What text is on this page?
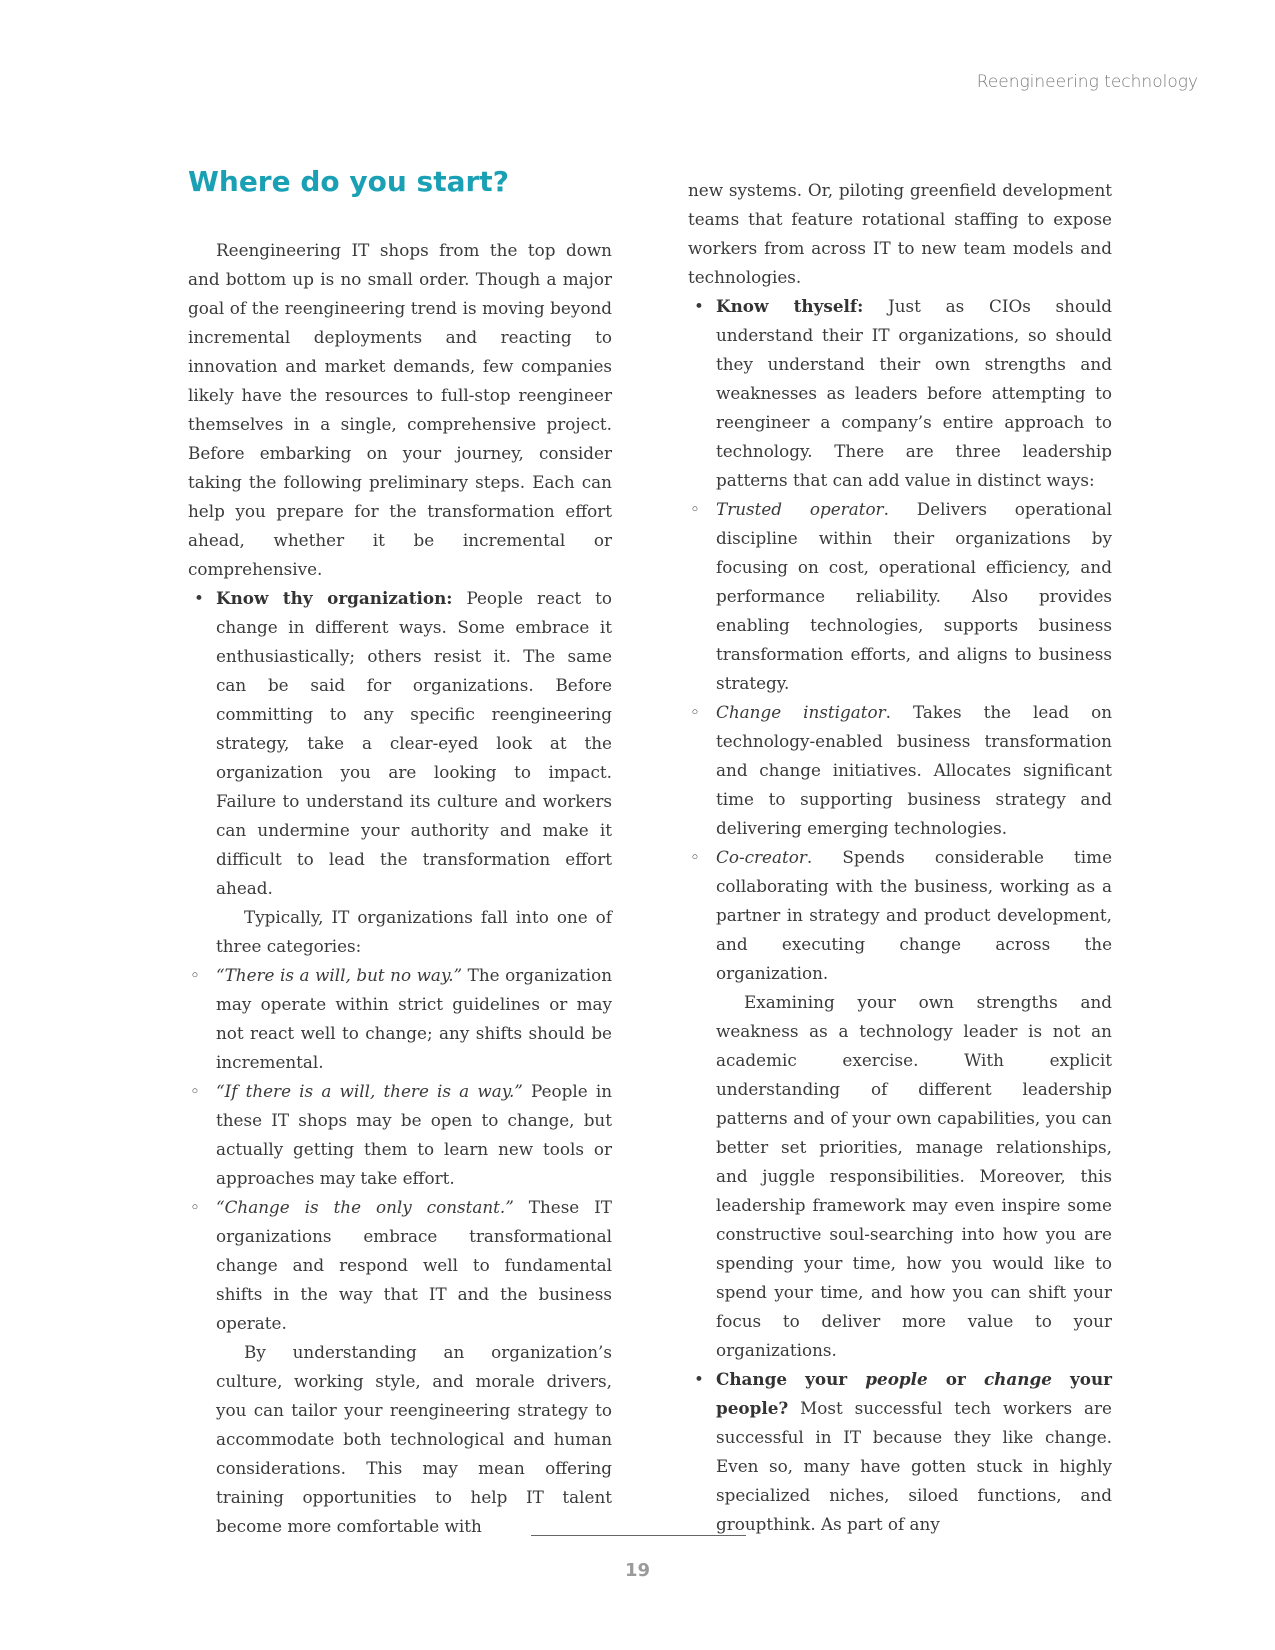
Reengineering technology
Where do you start?

Reengineering IT shops from the top down and bottom up is no small order. Though a major goal of the reengineering trend is moving beyond incremental deployments and reacting to innovation and market demands, few companies likely have the resources to full-stop reengineer themselves in a single, comprehensive project. Before embarking on your journey, consider taking the following preliminary steps. Each can help you prepare for the transformation effort ahead, whether it be incremental or comprehensive.

• Know thy organization: People react to change in different ways. Some embrace it enthusiastically; others resist it. The same can be said for organizations. Before committing to any specific reengineering strategy, take a clear-eyed look at the organization you are looking to impact. Failure to understand its culture and workers can undermine your authority and make it difficult to lead the transformation effort ahead.

Typically, IT organizations fall into one of three categories:

◦ “There is a will, but no way.” The organization may operate within strict guidelines or may not react well to change; any shifts should be incremental.
◦ “If there is a will, there is a way.” People in these IT shops may be open to change, but actually getting them to learn new tools or approaches may take effort.
◦ “Change is the only constant.” These IT organizations embrace transformational change and respond well to fundamental shifts in the way that IT and the business operate.

By understanding an organization’s culture, working style, and morale drivers, you can tailor your reengineering strategy to accommodate both technological and human considerations. This may mean offering training opportunities to help IT talent become more comfortable with

new systems. Or, piloting greenfield development teams that feature rotational staffing to expose workers from across IT to new team models and technologies.

• Know thyself: Just as CIOs should understand their IT organizations, so should they understand their own strengths and weaknesses as leaders before attempting to reengineer a company’s entire approach to technology. There are three leadership patterns that can add value in distinct ways:
◦ Trusted operator. Delivers operational discipline within their organizations by focusing on cost, operational efficiency, and performance reliability. Also provides enabling technologies, supports business transformation efforts, and aligns to business strategy.
◦ Change instigator. Takes the lead on technology-enabled business transformation and change initiatives. Allocates significant time to supporting business strategy and delivering emerging technologies.
◦ Co-creator. Spends considerable time collaborating with the business, working as a partner in strategy and product development, and executing change across the organization.

Examining your own strengths and weakness as a technology leader is not an academic exercise. With explicit understanding of different leadership patterns and of your own capabilities, you can better set priorities, manage relationships, and juggle responsibilities. Moreover, this leadership framework may even inspire some constructive soul-searching into how you are spending your time, how you would like to spend your time, and how you can shift your focus to deliver more value to your organizations.

• Change your people or change your people? Most successful tech workers are successful in IT because they like change. Even so, many have gotten stuck in highly specialized niches, siloed functions, and groupthink. As part of any
19
